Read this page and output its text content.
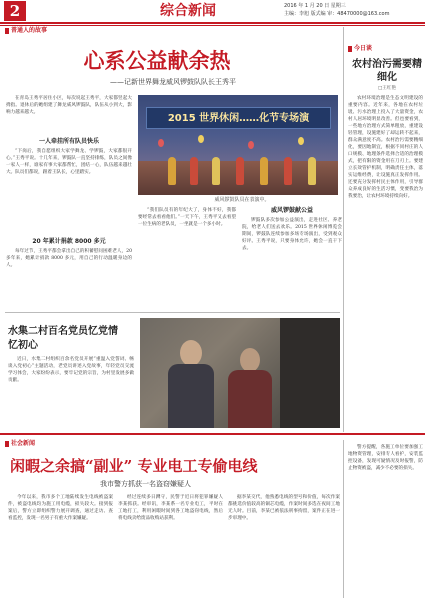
2	综合新闻	2016 年 1 月 20 日 星期三
主编：李旭 版式编 审：48470000@163.com
普通人的故事
心系公益献余热
——记新世界舞龙威风锣鼓队队长王秀平
在青岛王秀平居住小区，每次说起王秀平，大家都竖起大拇指。退休后的她组建了舞龙威风锣鼓队，队伍从小到大，影响力越来越大。
一人牵挂所有队员快乐
“下岗后，我自愿组织大家学舞龙、学锣鼓，大家都很开心。”王秀平说。十几年来，锣鼓队一直坚持排练，队员之间像一家人一样，谁家有事大家都帮忙，团结一心，队伍越来越壮大。队员们都说，跟着王队长，心里踏实。
20 年累计捐款 8000 多元
每年过节，王秀平都会拿出自己的积蓄慰问困难老人，20 多年来，她累计捐款 8000 多元，用自己的行动温暖身边的人。
2015 世界休闲……化节专场演
威风锣鼓队员在表演中。
“我们队员有的年纪大了，身体不好，我都要经常去看看他们。”一天下午，王秀平又去看望一位生病的老队员，一坐就是一个多小时。
威风锣鼓献公益
锣鼓队多次参加公益演出，走进社区、养老院，给老人们送去欢乐。2015 世界休闲博览会期间，锣鼓队连续参加多场专场演出，受到观众好评。王秀平说，只要身体允许，她会一直干下去。
今日谈
农村治污需要精细化
□王红艳
农村环境治理是生态文明建设的重要内容。近年来，各地在农村垃圾、污水治理上投入了大量资金，农村人居环境明显改善。但也要看到，一些地方治理方式简单粗放，重建设轻管理，设施建好了却运转不起来，群众满意度不高。农村治污需要精细化，要因地制宜，根据不同村庄的人口规模、地理条件选择合适的治理模式，把有限的资金用在刀刃上。要建立长效管护机制，明确责任主体，落实运维经费，让设施真正发挥作用。还要充分发挥村民主体作用，引导群众养成良好的生活习惯，变要我治为我要治，让农村环境持续向好。
水集二村百名党员忆党情忆初心
近日，水集二村组织百余名党员开展“重温入党誓词、畅谈入党初心”主题活动，老党员讲述入党故事，年轻党员交流学习体会，大家纷纷表示，要牢记党的宗旨，为村里发展多做贡献。
社会新闻
闲暇之余搞“副业” 专业电工专偷电线
我市警方抓获一名盗窃嫌疑人
今年以来，我市多个工地陆续发生电线被盗案件，被盗电线均为施工用电缆，损失较大。接到报案后，警方立即组织警力展开调查，通过走访、查看监控，发现一名男子有重大作案嫌疑。
经过连续多日蹲守，民警于近日将犯罪嫌疑人李某抓获。经审讯，李某系一名专业电工，平时在工地打工，利用闲暇时间到各工地盗窃电线，然后将电线卖给废品收购站获利。
据李某交代，他熟悉电线的型号和价值，每次作案都挑选价值较高的铜芯电缆，作案时间多选在夜间工地无人时。目前，李某已被依法刑事拘留，案件正在进一步审理中。
警方提醒，各施工单位要加强工地物资管理，安排专人看护，安装监控设备，发现可疑情况及时报警，防止物资被盗，减少不必要的损失。
